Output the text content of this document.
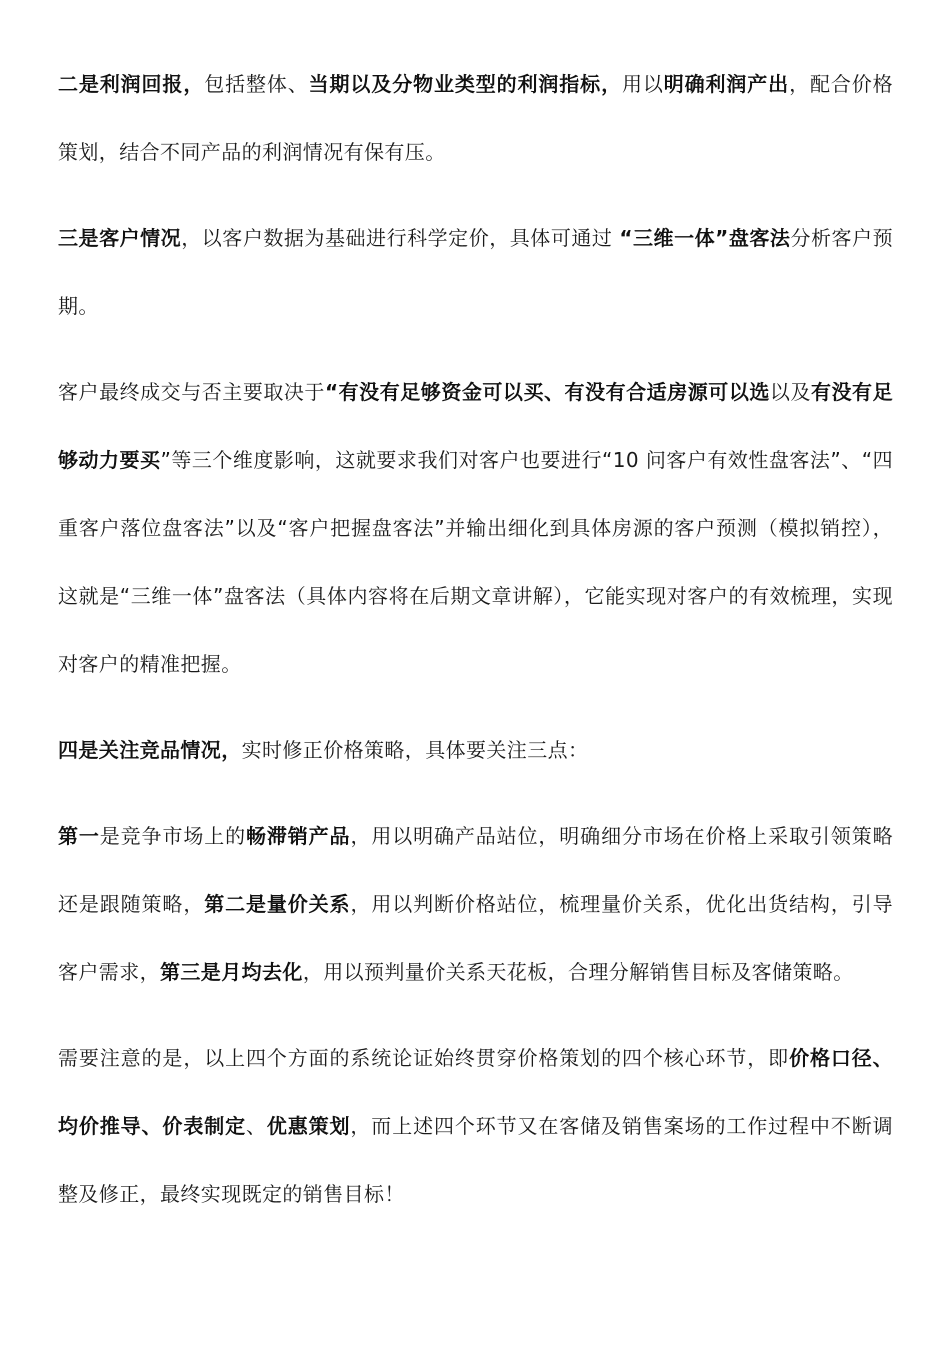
二是利润回报，包括整体、当期以及分物业类型的利润指标，用以明确利润产出，配合价格策划，结合不同产品的利润情况有保有压。

三是客户情况，以客户数据为基础进行科学定价，具体可通过 “三维一体”盘客法分析客户预期。

客户最终成交与否主要取决于“有没有足够资金可以买、有没有合适房源可以选以及有没有足够动力要买”等三个维度影响，这就要求我们对客户也要进行“10 问客户有效性盘客法”、“四重客户落位盘客法”以及“客户把握盘客法”并输出细化到具体房源的客户预测（模拟销控），这就是“三维一体”盘客法（具体内容将在后期文章讲解），它能实现对客户的有效梳理，实现对客户的精准把握。

四是关注竞品情况，实时修正价格策略，具体要关注三点：

第一是竞争市场上的畅滞销产品，用以明确产品站位，明确细分市场在价格上采取引领策略还是跟随策略，第二是量价关系，用以判断价格站位，梳理量价关系，优化出货结构，引导客户需求，第三是月均去化，用以预判量价关系天花板，合理分解销售目标及客储策略。

需要注意的是，以上四个方面的系统论证始终贯穿价格策划的四个核心环节，即价格口径、均价推导、价表制定、优惠策划，而上述四个环节又在客储及销售案场的工作过程中不断调整及修正，最终实现既定的销售目标！
